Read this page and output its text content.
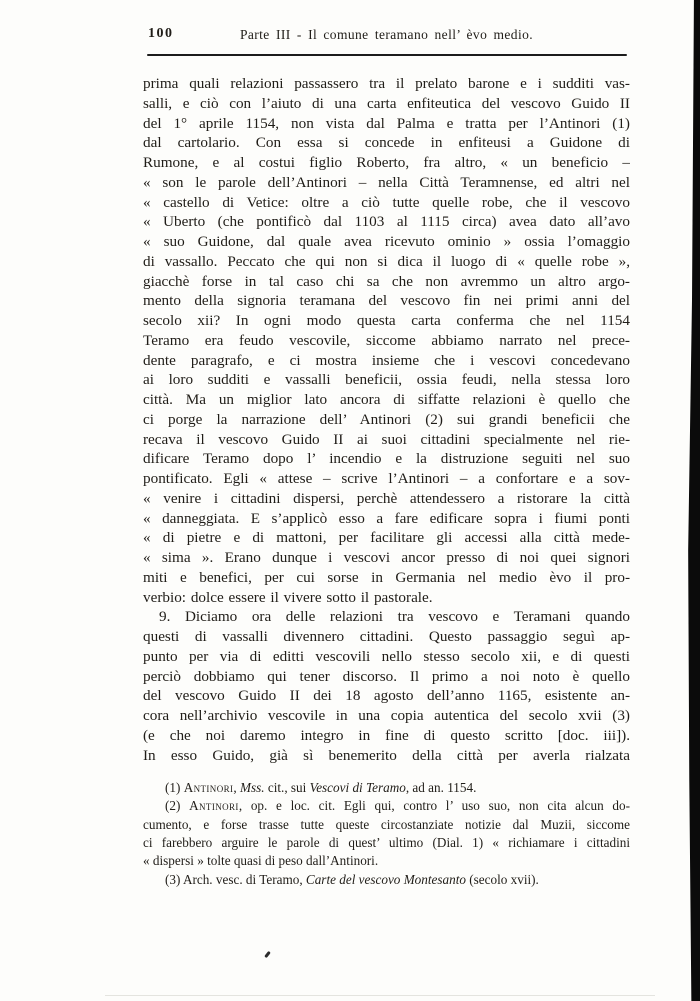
100	Parte III - Il comune teramano nell’ èvo medio.
prima quali relazioni passassero tra il prelato barone e i sudditi vas-
salli, e ciò con l’aiuto di una carta enfiteutica del vescovo Guido II
del 1° aprile 1154, non vista dal Palma e tratta per l’Antinori (1)
dal cartolario. Con essa si concede in enfiteusi a Guidone di
Rumone, e al costui figlio Roberto, fra altro, « un beneficio –
« son le parole dell’Antinori – nella Città Teramnense, ed altri nel
« castello di Vetice: oltre a ciò tutte quelle robe, che il vescovo
« Uberto (che pontificò dal 1103 al 1115 circa) avea dato all’avo
« suo Guidone, dal quale avea ricevuto ominio » ossia l’omaggio
di vassallo. Peccato che qui non si dica il luogo di « quelle robe »,
giacchè forse in tal caso chi sa che non avremmo un altro argo-
mento della signoria teramana del vescovo fin nei primi anni del
secolo xii? In ogni modo questa carta conferma che nel 1154
Teramo era feudo vescovile, siccome abbiamo narrato nel prece-
dente paragrafo, e ci mostra insieme che i vescovi concedevano
ai loro sudditi e vassalli beneficii, ossia feudi, nella stessa loro
città. Ma un miglior lato ancora di siffatte relazioni è quello che
ci porge la narrazione dell’ Antinori (2) sui grandi beneficii che
recava il vescovo Guido II ai suoi cittadini specialmente nel rie-
dificare Teramo dopo l’ incendio e la distruzione seguiti nel suo
pontificato. Egli « attese – scrive l’Antinori – a confortare e a sov-
« venire i cittadini dispersi, perchè attendessero a ristorare la città
« danneggiata. E s’applicò esso a fare edificare sopra i fiumi ponti
« di pietre e di mattoni, per facilitare gli accessi alla città mede-
« sima ». Erano dunque i vescovi ancor presso di noi quei signori
miti e benefici, per cui sorse in Germania nel medio èvo il pro-
verbio: dolce essere il vivere sotto il pastorale.
9. Diciamo ora delle relazioni tra vescovo e Teramani quando
questi di vassalli divennero cittadini. Questo passaggio seguì ap-
punto per via di editti vescovili nello stesso secolo xii, e di questi
perciò dobbiamo qui tener discorso. Il primo a noi noto è quello
del vescovo Guido II dei 18 agosto dell’anno 1165, esistente an-
cora nell’archivio vescovile in una copia autentica del secolo xvii (3)
(e che noi daremo integro in fine di questo scritto [doc. iii]).
In esso Guido, già sì benemerito della città per averla rialzata
(1) Antinori, Mss. cit., sui Vescovi di Teramo, ad an. 1154.
(2) Antinori, op. e loc. cit. Egli qui, contro l’ uso suo, non cita alcun do-
cumento, e forse trasse tutte queste circostanziate notizie dal Muzii, siccome
ci farebbero arguire le parole di quest’ ultimo (Dial. 1) « richiamare i cittadini
« dispersi » tolte quasi di peso dall’Antinori.
(3) Arch. vesc. di Teramo, Carte del vescovo Montesanto (secolo xvii).
